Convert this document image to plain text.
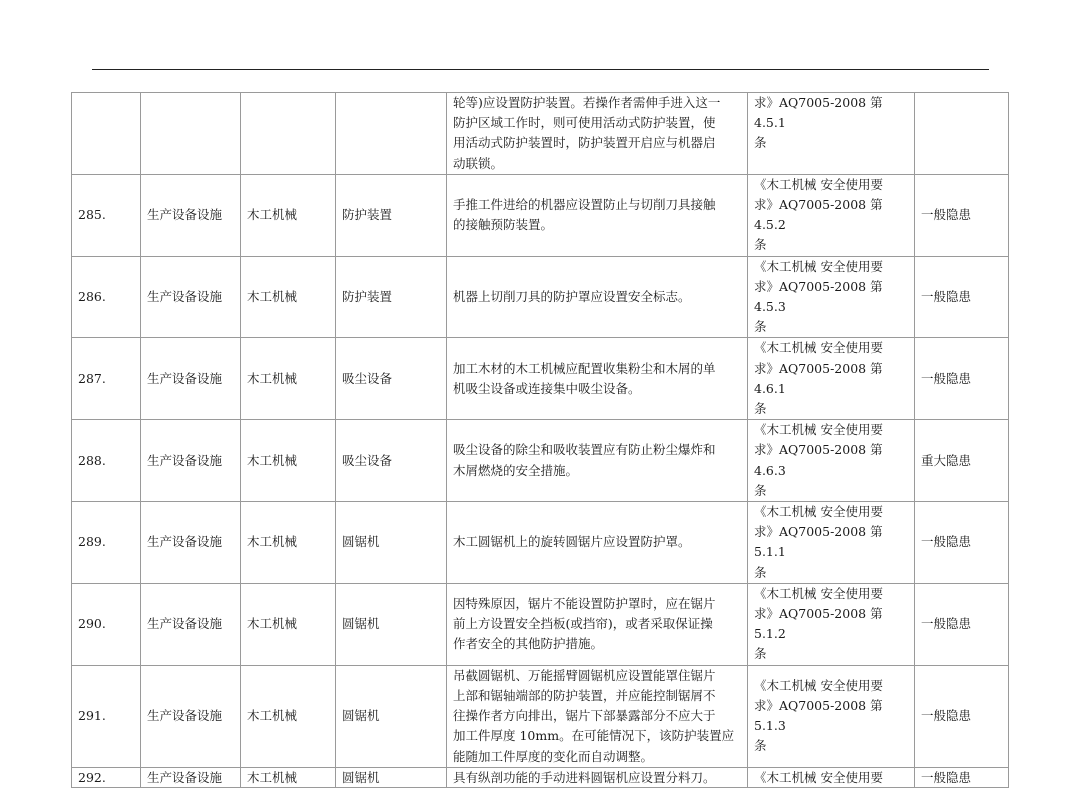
				轮等)应设置防护装置。若操作者需伸手进入这一
防护区域工作时，则可使用活动式防护装置，使
用活动式防护装置时，防护装置开启应与机器启
动联锁。	求》AQ7005-2008 第 4.5.1
条	
285.	生产设备设施	木工机械	防护装置	手推工件进给的机器应设置防止与切削刀具接触
的接触预防装置。	《木工机械 安全使用要
求》AQ7005-2008 第 4.5.2
条	一般隐患
286.	生产设备设施	木工机械	防护装置	机器上切削刀具的防护罩应设置安全标志。	《木工机械 安全使用要
求》AQ7005-2008 第 4.5.3
条	一般隐患
287.	生产设备设施	木工机械	吸尘设备	加工木材的木工机械应配置收集粉尘和木屑的单
机吸尘设备或连接集中吸尘设备。	《木工机械 安全使用要
求》AQ7005-2008 第 4.6.1
条	一般隐患
288.	生产设备设施	木工机械	吸尘设备	吸尘设备的除尘和吸收装置应有防止粉尘爆炸和
木屑燃烧的安全措施。	《木工机械 安全使用要
求》AQ7005-2008 第 4.6.3
条	重大隐患
289.	生产设备设施	木工机械	圆锯机	木工圆锯机上的旋转圆锯片应设置防护罩。	《木工机械 安全使用要
求》AQ7005-2008 第 5.1.1
条	一般隐患
290.	生产设备设施	木工机械	圆锯机	因特殊原因，锯片不能设置防护罩时，应在锯片
前上方设置安全挡板(或挡帘)，或者采取保证操
作者安全的其他防护措施。	《木工机械 安全使用要
求》AQ7005-2008 第 5.1.2
条	一般隐患
291.	生产设备设施	木工机械	圆锯机	吊截圆锯机、万能摇臂圆锯机应设置能罩住锯片
上部和锯轴端部的防护装置，并应能控制锯屑不
往操作者方向排出，锯片下部暴露部分不应大于
加工件厚度 10mm。在可能情况下，该防护装置应
能随加工件厚度的变化而自动调整。	《木工机械 安全使用要
求》AQ7005-2008 第 5.1.3
条	一般隐患
292.	生产设备设施	木工机械	圆锯机	具有纵剖功能的手动进料圆锯机应设置分料刀。	《木工机械 安全使用要	一般隐患
